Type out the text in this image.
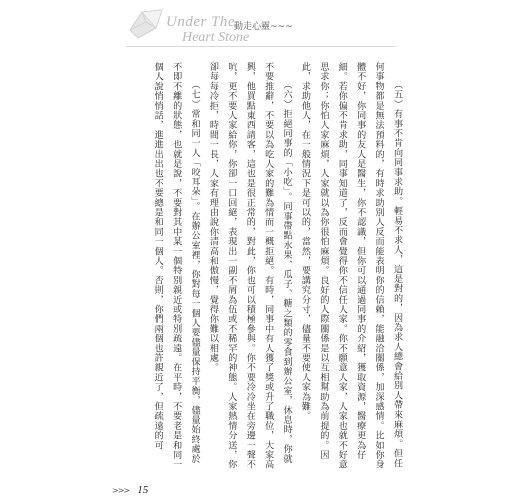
Under The
Heart Stone
動走心靈~~~

（五）有事不肯向同事求助。輕易不求人，這是對的，因為求人總會給別人帶來麻煩。但任何事物都是無法預料的，有時求助別人反而能表明你的信賴，能融洽關係，加深感情。比如你身體不好，你同事的友人是醫生，你不認識，但你可以通過同事的介紹，獲取資源，醫療更為仔細。若你偏不肯求助，同事知道了，反而會覺得你不信任人家。你不願意人家，人家也就不好意思求你；你怕人家麻煩，人家就以為你很怕麻煩。良好的人際關係是以互相幫助為前提的。因此，求助他人，在一般情況下是可以的，當然，要講究分寸，儘量不要使人家為難。

（六）拒絕同事的「小吃」。同事帶點水果、瓜子、糖之類的零食到辦公室，休息時，你就不要推辭，不要以為吃人家的難為情而一概拒絕。有時，同事中有人獲了獎或升了職位，大家高興，他買點東西請客，這也是很正常的，對此，你也可以積極參與。你不要冷冷坐在旁邊一聲不吭，更不要人家給你，你卻一口回絕，表現出一副不屑為伍或不稀罕的神態。人家熱情分送，你卻每每冷拒，時間一長，人家有理由說你清高和傲慢，覺得你難以相處。

（七）常和同一人「咬耳朵」。在辦公室裡，你對每一個人要儘量保持平衡，儘量始終處於不即不離的狀態，也就是說，不要對其中某一個特別親近或特別疏遠。在平時，不要老是和同一個人說悄悄話，進進出出也不要總是和同一個人。否則，你們兩個也許親近了，但疏遠的可

>>> 15
